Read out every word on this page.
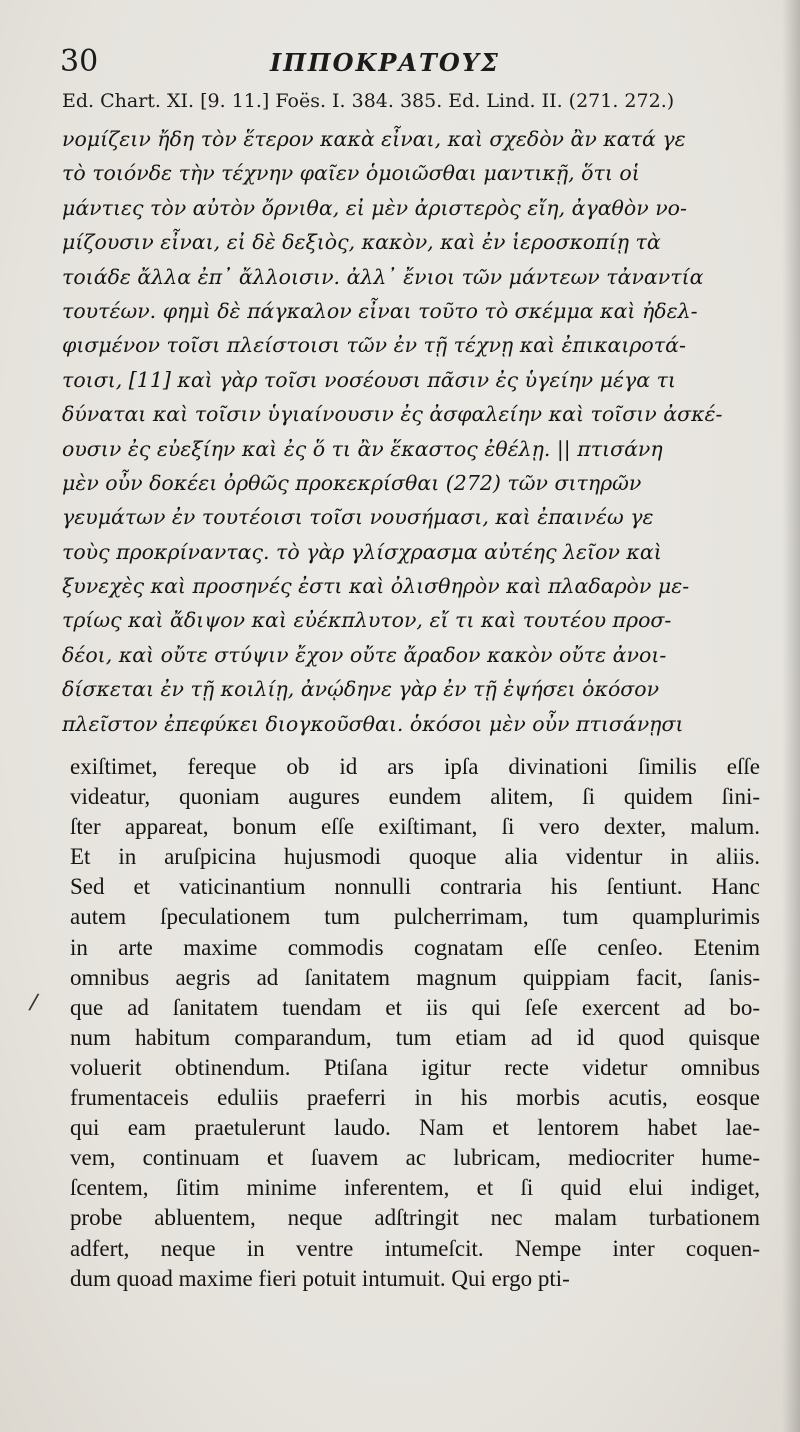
30	ΙΠΠΟΚΡΑΤΟΥΣ
Ed. Chart. XI. [9. 11.] Foës. I. 384. 385. Ed. Lind. II. (271. 272.)
νομίζειν ἤδη τὸν ἕτερον κακὰ εἶναι, καὶ σχεδὸν ἂν κατά γε
τὸ τοιόνδε τὴν τέχνην φαῖεν ὁμοιῶσθαι μαντικῇ, ὅτι οἱ
μάντιες τὸν αὐτὸν ὄρνιθα, εἰ μὲν ἀριστερὸς εἴη, ἀγαθὸν νο-
μίζουσιν εἶναι, εἰ δὲ δεξιὸς, κακὸν, καὶ ἐν ἱεροσκοπίῃ τὰ
τοιάδε ἄλλα ἐπ᾽ ἄλλοισιν. ἀλλ᾽ ἔνιοι τῶν μάντεων τἀναντία
τουτέων. φημὶ δὲ πάγκαλον εἶναι τοῦτο τὸ σκέμμα καὶ ἠδελ-
φισμένον τοῖσι πλείστοισι τῶν ἐν τῇ τέχνῃ καὶ ἐπικαιροτά-
τοισι, [11] καὶ γὰρ τοῖσι νοσέουσι πᾶσιν ἐς ὑγείην μέγα τι
δύναται καὶ τοῖσιν ὑγιαίνουσιν ἐς ἀσφαλείην καὶ τοῖσιν ἀσκέ-
ουσιν ἐς εὐεξίην καὶ ἐς ὅ τι ἂν ἕκαστος ἐθέλῃ. || πτισάνη
μὲν οὖν δοκέει ὀρθῶς προκεκρίσθαι (272) τῶν σιτηρῶν
γευμάτων ἐν τουτέοισι τοῖσι νουσήμασι, καὶ ἐπαινέω γε
τοὺς προκρίναντας. τὸ γὰρ γλίσχρασμα αὐτέης λεῖον καὶ
ξυνεχὲς καὶ προσηνές ἐστι καὶ ὀλισθηρὸν καὶ πλαδαρὸν με-
τρίως καὶ ἄδιψον καὶ εὐέκπλυτον, εἴ τι καὶ τουτέου προσ-
δέοι, καὶ οὔτε στύψιν ἔχον οὔτε ἄραδον κακὸν οὔτε ἀνοι-
δίσκεται ἐν τῇ κοιλίῃ, ἀνῴδηνε γὰρ ἐν τῇ ἑψήσει ὁκόσον
πλεῖστον ἐπεφύκει διογκοῦσθαι. ὁκόσοι μὲν οὖν πτισάνῃσι
/
exiſtimet, fereque ob id ars ipſa divinationi ſimilis eſſe
videatur, quoniam augures eundem alitem, ſi quidem ſini-
ſter appareat, bonum eſſe exiſtimant, ſi vero dexter, malum.
Et in aruſpicina hujusmodi quoque alia videntur in aliis.
Sed et vaticinantium nonnulli contraria his ſentiunt. Hanc
autem ſpeculationem tum pulcherrimam, tum quamplurimis
in arte maxime commodis cognatam eſſe cenſeo. Etenim
omnibus aegris ad ſanitatem magnum quippiam facit, ſanis-
que ad ſanitatem tuendam et iis qui ſeſe exercent ad bo-
num habitum comparandum, tum etiam ad id quod quisque
voluerit obtinendum. Ptiſana igitur recte videtur omnibus
frumentaceis eduliis praeferri in his morbis acutis, eosque
qui eam praetulerunt laudo. Nam et lentorem habet lae-
vem, continuam et ſuavem ac lubricam, mediocriter hume-
ſcentem, ſitim minime inferentem, et ſi quid elui indiget,
probe abluentem, neque adſtringit nec malam turbationem
adfert, neque in ventre intumeſcit. Nempe inter coquen-
dum quoad maxime fieri potuit intumuit. Qui ergo pti-
